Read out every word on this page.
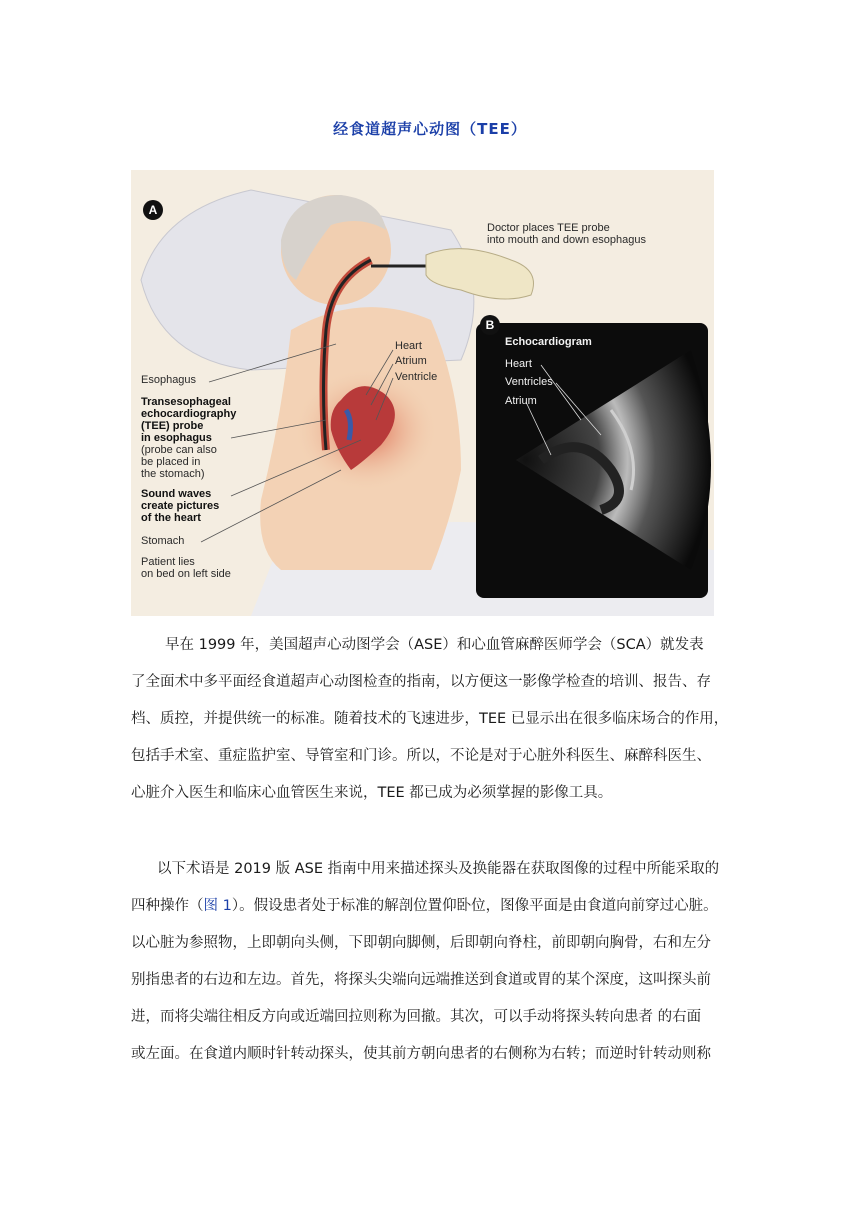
经食道超声心动图（TEE）
A
B
Doctor places TEE probe
into mouth and down esophagus
Heart
Atrium
Ventricle
Esophagus
Transesophageal
echocardiography
(TEE) probe
in esophagus
(probe can also
be placed in
the stomach)
Sound waves
create pictures
of the heart
Stomach
Patient lies
on bed on left side
Echocardiogram
Heart
Ventricles
Atrium
早在 1999 年，美国超声心动图学会（ASE）和心血管麻醉医师学会（SCA）就发表
了全面术中多平面经食道超声心动图检查的指南，以方便这一影像学检查的培训、报告、存
档、质控，并提供统一的标准。随着技术的飞速进步，TEE 已显示出在很多临床场合的作用，
包括手术室、重症监护室、导管室和门诊。所以，不论是对于心脏外科医生、麻醉科医生、
心脏介入医生和临床心血管医生来说，TEE 都已成为必须掌握的影像工具。
以下术语是 2019 版 ASE 指南中用来描述探头及换能器在获取图像的过程中所能采取的
四种操作（图 1）。假设患者处于标准的解剖位置仰卧位，图像平面是由食道向前穿过心脏。
以心脏为参照物，上即朝向头侧，下即朝向脚侧，后即朝向脊柱，前即朝向胸骨，右和左分
别指患者的右边和左边。首先，将探头尖端向远端推送到食道或胃的某个深度，这叫探头前
进，而将尖端往相反方向或近端回拉则称为回撤。其次，可以手动将探头转向患者 的右面
或左面。在食道内顺时针转动探头，使其前方朝向患者的右侧称为右转；而逆时针转动则称
